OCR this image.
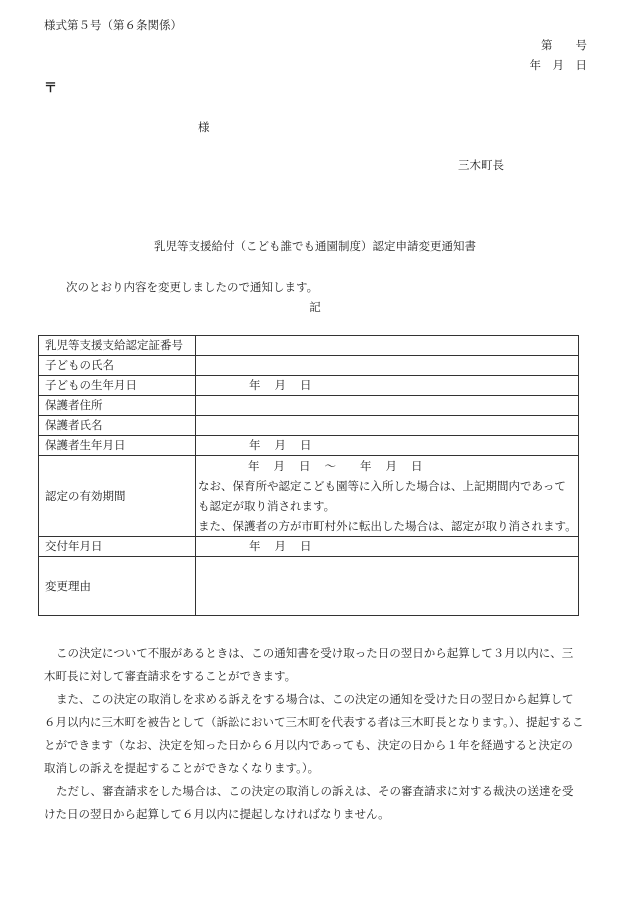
様式第５号（第６条関係）
第　　号
年　月　日
〒
様
三木町長
乳児等支援給付（こども誰でも通園制度）認定申請変更通知書
次のとおり内容を変更しましたので通知します。
記
乳児等支援支給認定証番号	
子どもの氏名	
子どもの生年月日	年 月 日
保護者住所	
保護者氏名	
保護者生年月日	年 月 日
認定の有効期間	年 月 日 〜 年 月 日
なお、保育所や認定こども園等に入所した場合は、上記期間内であって
も認定が取り消されます。
また、保護者の方が市町村外に転出した場合は、認定が取り消されます。

交付年月日	年 月 日
変更理由	

この決定について不服があるときは、この通知書を受け取った日の翌日から起算して３月以内に、三木町長に対して審査請求をすることができます。

また、この決定の取消しを求める訴えをする場合は、この決定の通知を受けた日の翌日から起算して６月以内に三木町を被告として（訴訟において三木町を代表する者は三木町長となります。）、提起することができます（なお、決定を知った日から６月以内であっても、決定の日から１年を経過すると決定の取消しの訴えを提起することができなくなります。）。

ただし、審査請求をした場合は、この決定の取消しの訴えは、その審査請求に対する裁決の送達を受けた日の翌日から起算して６月以内に提起しなければなりません。
